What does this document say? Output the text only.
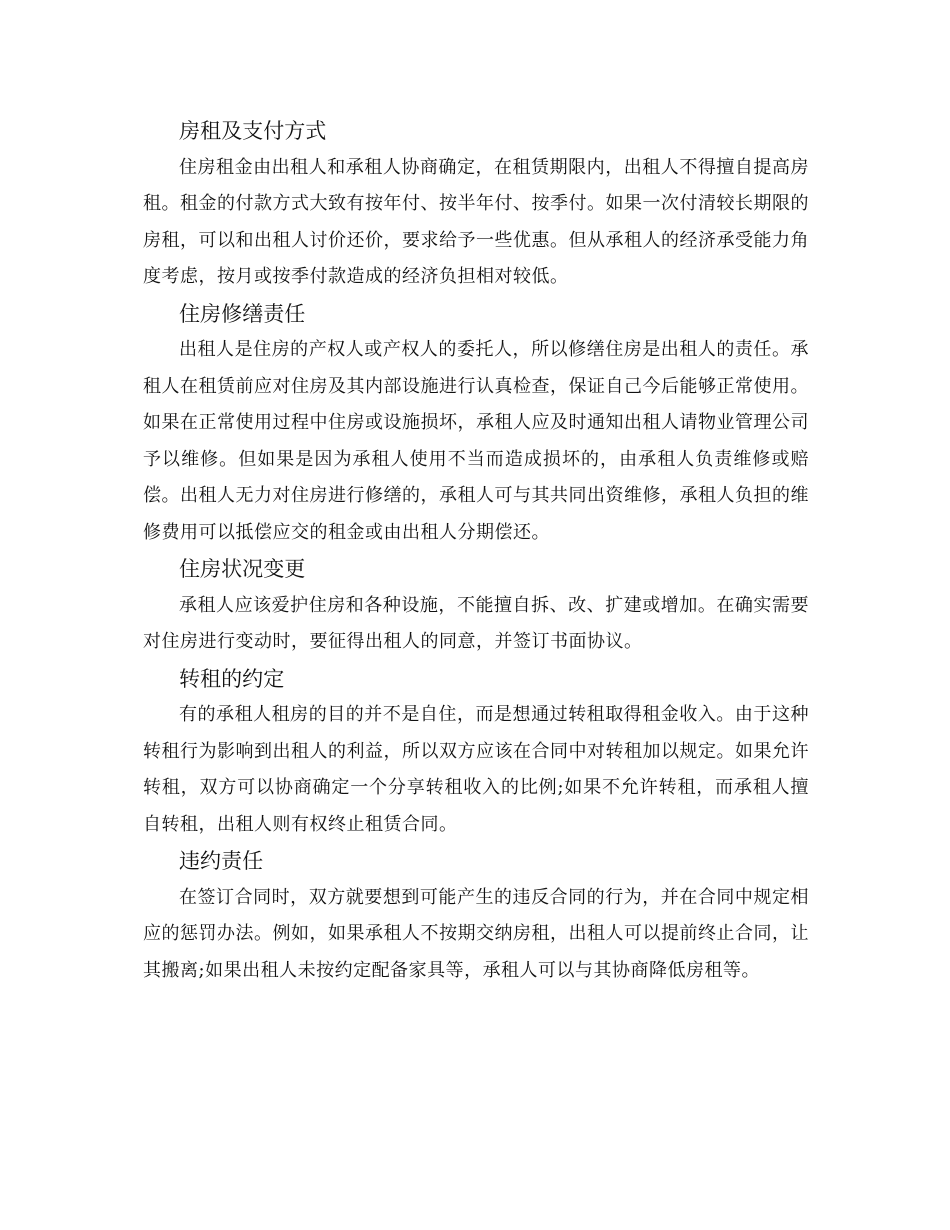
房租及支付方式

住房租金由出租人和承租人协商确定，在租赁期限内，出租人不得擅自提高房租。租金的付款方式大致有按年付、按半年付、按季付。如果一次付清较长期限的房租，可以和出租人讨价还价，要求给予一些优惠。但从承租人的经济承受能力角度考虑，按月或按季付款造成的经济负担相对较低。

住房修缮责任

出租人是住房的产权人或产权人的委托人，所以修缮住房是出租人的责任。承租人在租赁前应对住房及其内部设施进行认真检查，保证自己今后能够正常使用。如果在正常使用过程中住房或设施损坏，承租人应及时通知出租人请物业管理公司予以维修。但如果是因为承租人使用不当而造成损坏的，由承租人负责维修或赔偿。出租人无力对住房进行修缮的，承租人可与其共同出资维修，承租人负担的维修费用可以抵偿应交的租金或由出租人分期偿还。

住房状况变更

承租人应该爱护住房和各种设施，不能擅自拆、改、扩建或增加。在确实需要对住房进行变动时，要征得出租人的同意，并签订书面协议。

转租的约定

有的承租人租房的目的并不是自住，而是想通过转租取得租金收入。由于这种转租行为影响到出租人的利益，所以双方应该在合同中对转租加以规定。如果允许转租，双方可以协商确定一个分享转租收入的比例;如果不允许转租，而承租人擅自转租，出租人则有权终止租赁合同。

违约责任

在签订合同时，双方就要想到可能产生的违反合同的行为，并在合同中规定相应的惩罚办法。例如，如果承租人不按期交纳房租，出租人可以提前终止合同，让其搬离;如果出租人未按约定配备家具等，承租人可以与其协商降低房租等。
